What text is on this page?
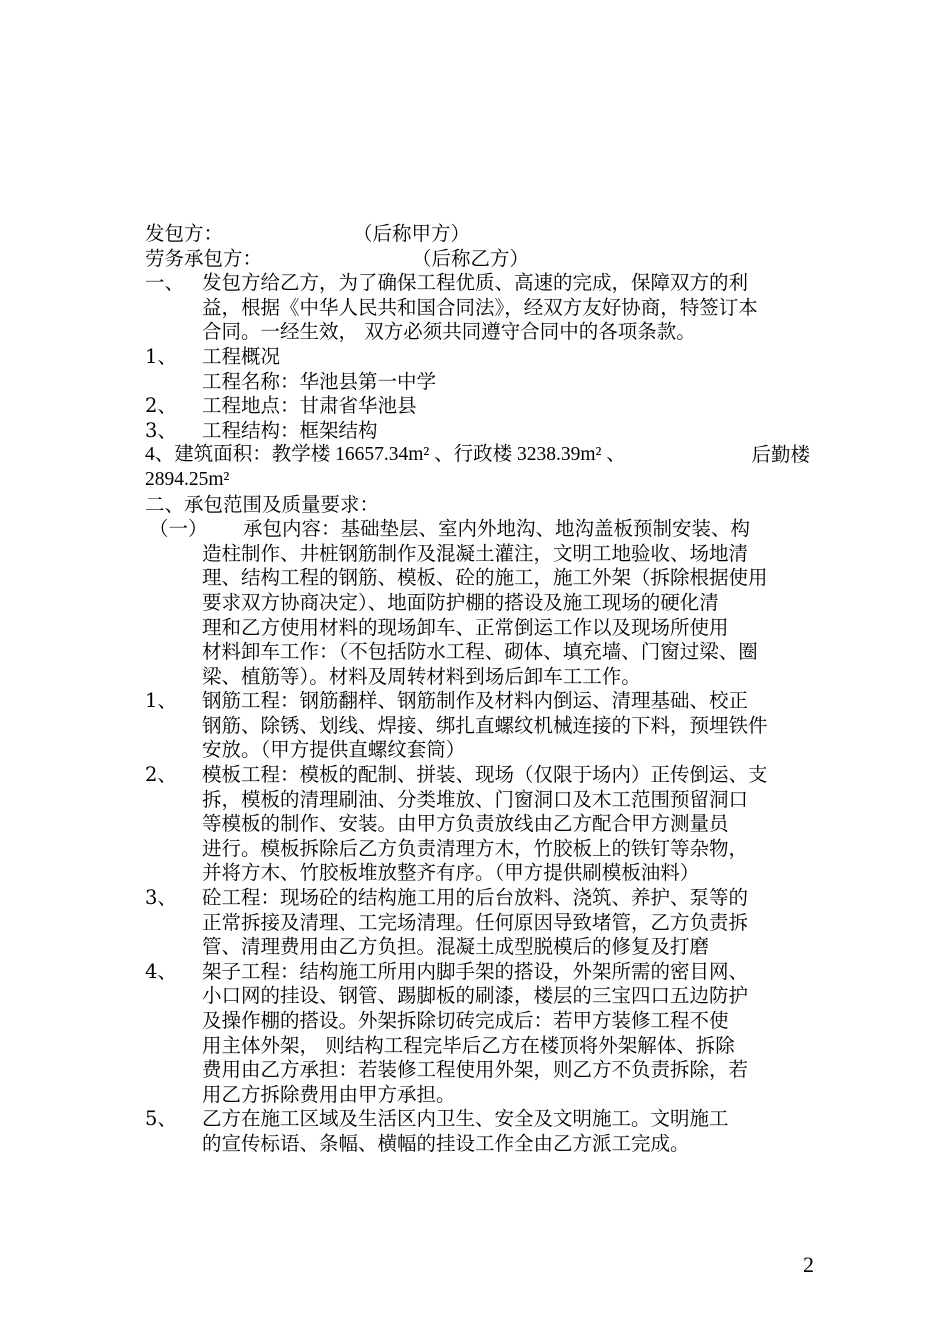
发包方：	（后称甲方）
劳务承包方：	（后称乙方）
一、 发包方给乙方，为了确保工程优质、高速的完成，保障双方的利
益，根据《中华人民共和国合同法》，经双方友好协商，特签订本
合同。一经生效， 双方必须共同遵守合同中的各项条款。
1、	工程概况
工程名称：华池县第一中学
2、	工程地点：甘肃省华池县
3、	工程结构：框架结构
4、建筑面积：教学楼 16657.34m² 、行政楼 3238.39m² 、	后勤楼
2894.25m²
二、承包范围及质量要求：
（一）	承包内容：基础垫层、室内外地沟、地沟盖板预制安装、构
造柱制作、井桩钢筋制作及混凝土灌注，文明工地验收、场地清
理、结构工程的钢筋、模板、砼的施工，施工外架（拆除根据使用
要求双方协商决定）、地面防护棚的搭设及施工现场的硬化清
理和乙方使用材料的现场卸车、正常倒运工作以及现场所使用
材料卸车工作：（不包括防水工程、砌体、填充墙、门窗过梁、圈
梁、植筋等）。材料及周转材料到场后卸车工工作。
1、	钢筋工程：钢筋翻样、钢筋制作及材料内倒运、清理基础、校正
钢筋、除锈、划线、焊接、绑扎直螺纹机械连接的下料，预埋铁件
安放。（甲方提供直螺纹套筒）
2、	模板工程：模板的配制、拼装、现场（仅限于场内）正传倒运、支
拆，模板的清理刷油、分类堆放、门窗洞口及木工范围预留洞口
等模板的制作、安装。由甲方负责放线由乙方配合甲方测量员
进行。模板拆除后乙方负责清理方木，竹胶板上的铁钉等杂物，
并将方木、竹胶板堆放整齐有序。（甲方提供刷模板油料）
3、	砼工程：现场砼的结构施工用的后台放料、浇筑、养护、泵等的
正常拆接及清理、工完场清理。任何原因导致堵管，乙方负责拆
管、清理费用由乙方负担。混凝土成型脱模后的修复及打磨
4、	架子工程：结构施工所用内脚手架的搭设，外架所需的密目网、
小口网的挂设、钢管、踢脚板的刷漆，楼层的三宝四口五边防护
及操作棚的搭设。外架拆除切砖完成后：若甲方装修工程不使
用主体外架， 则结构工程完毕后乙方在楼顶将外架解体、拆除
费用由乙方承担：若装修工程使用外架，则乙方不负责拆除，若
用乙方拆除费用由甲方承担。
5、	乙方在施工区域及生活区内卫生、安全及文明施工。文明施工
的宣传标语、条幅、横幅的挂设工作全由乙方派工完成。
2
